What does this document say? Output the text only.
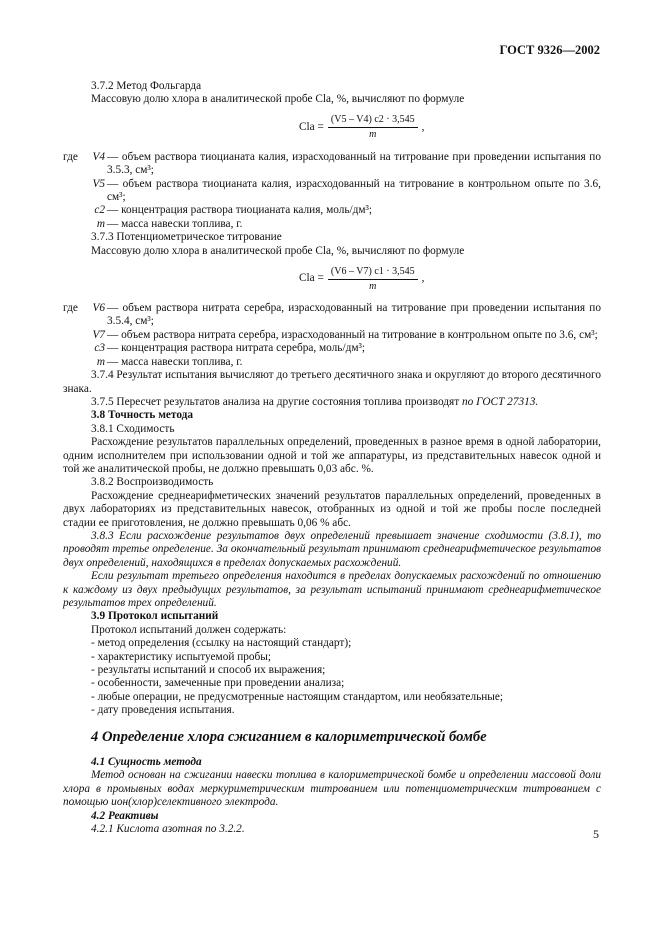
ГОСТ 9326—2002

3.7.2 Метод Фольгарда

Массовую долю хлора в аналитической пробе Clа, %, вычисляют по формуле

Clа = $\frac{(V5 - V4) c2 \cdot 3,545}{m}$ ,
где	V4 — объем раствора тиоцианата калия, израсходованный на титрование при проведении испытания по 3.5.3, см³;
V5 — объем раствора тиоцианата калия, израсходованный на титрование в контрольном опыте по 3.6, см³;
c2 — концентрация раствора тиоцианата калия, моль/дм³;
m — масса навески топлива, г.

3.7.3 Потенциометрическое титрование

Массовую долю хлора в аналитической пробе Clа, %, вычисляют по формуле

Clа = $\frac{(V6 - V7) c1 \cdot 3,545}{m}$ ,
где	V6 — объем раствора нитрата серебра, израсходованный на титрование при проведении испытания по 3.5.4, см³;
V7 — объем раствора нитрата серебра, израсходованный на титрование в контрольном опыте по 3.6, см³;
c3 — концентрация раствора нитрата серебра, моль/дм³;
m — масса навески топлива, г.

3.7.4 Результат испытания вычисляют до третьего десятичного знака и округляют до второго десятичного знака.

3.7.5 Пересчет результатов анализа на другие состояния топлива производят по ГОСТ 27313.

3.8 Точность метода

3.8.1 Сходимость

Расхождение результатов параллельных определений, проведенных в разное время в одной лаборатории, одним исполнителем при использовании одной и той же аппаратуры, из представительных навесок одной и той же аналитической пробы, не должно превышать 0,03 абс. %.

3.8.2 Воспроизводимость

Расхождение среднеарифметических значений результатов параллельных определений, проведенных в двух лабораториях из представительных навесок, отобранных из одной и той же пробы после последней стадии ее приготовления, не должно превышать 0,06 % абс.

3.8.3 Если расхождение результатов двух определений превышает значение сходимости (3.8.1), то проводят третье определение. За окончательный результат принимают среднеарифметическое результатов двух определений, находящихся в пределах допускаемых расхождений.

Если результат третьего определения находится в пределах допускаемых расхождений по отношению к каждому из двух предыдущих результатов, за результат испытаний принимают среднеарифметическое результатов трех определений.

3.9 Протокол испытаний

Протокол испытаний должен содержать:

- метод определения (ссылку на настоящий стандарт);

- характеристику испытуемой пробы;

- результаты испытаний и способ их выражения;

- особенности, замеченные при проведении анализа;

- любые операции, не предусмотренные настоящим стандартом, или необязательные;

- дату проведения испытания.

4 Определение хлора сжиганием в калориметрической бомбе

4.1 Сущность метода

Метод основан на сжигании навески топлива в калориметрической бомбе и определении массовой доли хлора в промывных водах меркуриметрическим титрованием или потенциометрическим титрованием с помощью ион(хлор)селективного электрода.

4.2 Реактивы

4.2.1 Кислота азотная по 3.2.2.	5
